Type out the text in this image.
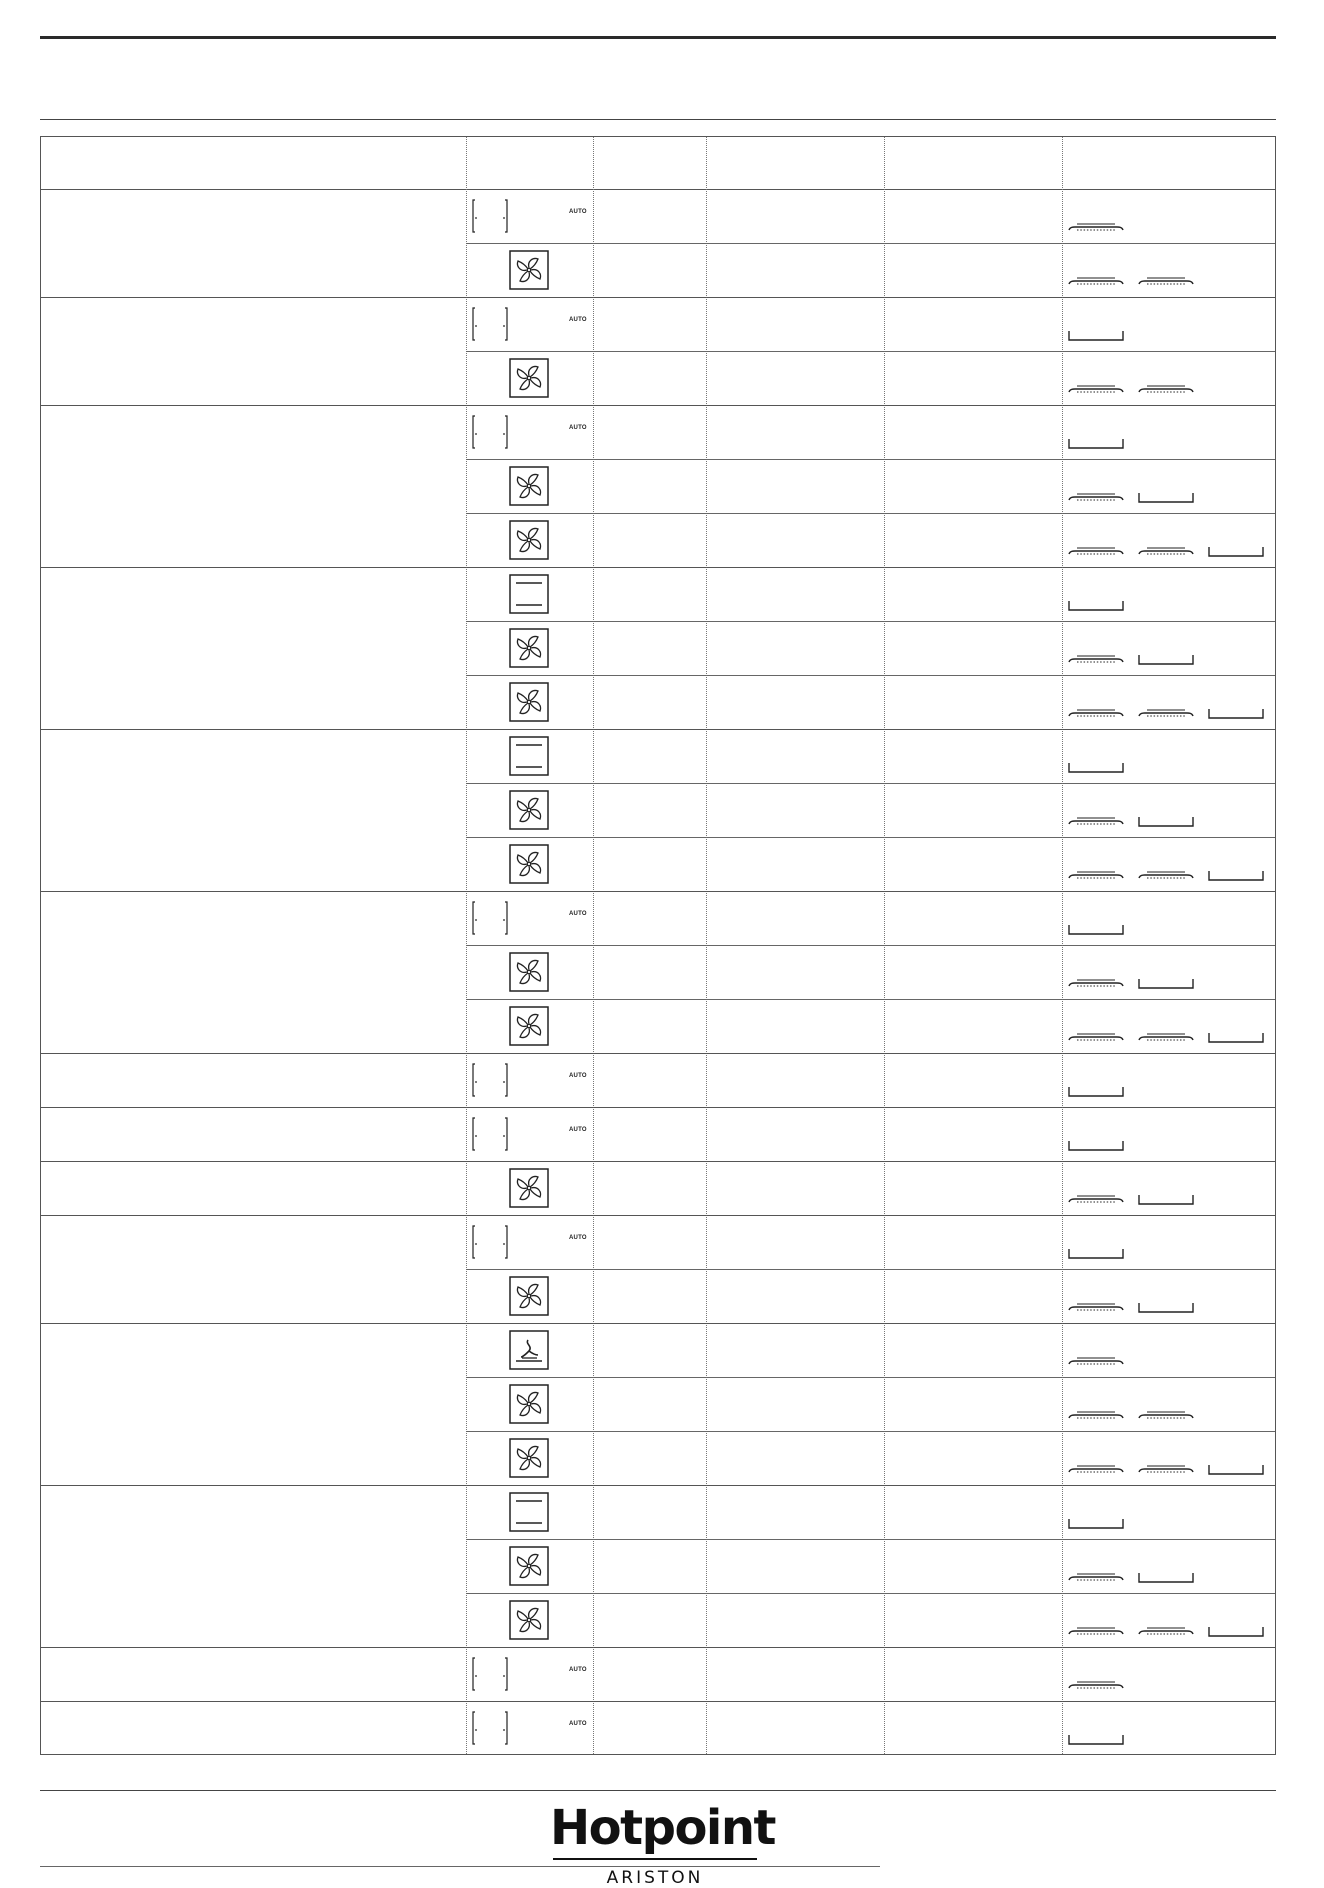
AUTO
AUTO
AUTO
AUTO
AUTO
AUTO
AUTO
AUTO
AUTO
Hotpoint
ARISTON
